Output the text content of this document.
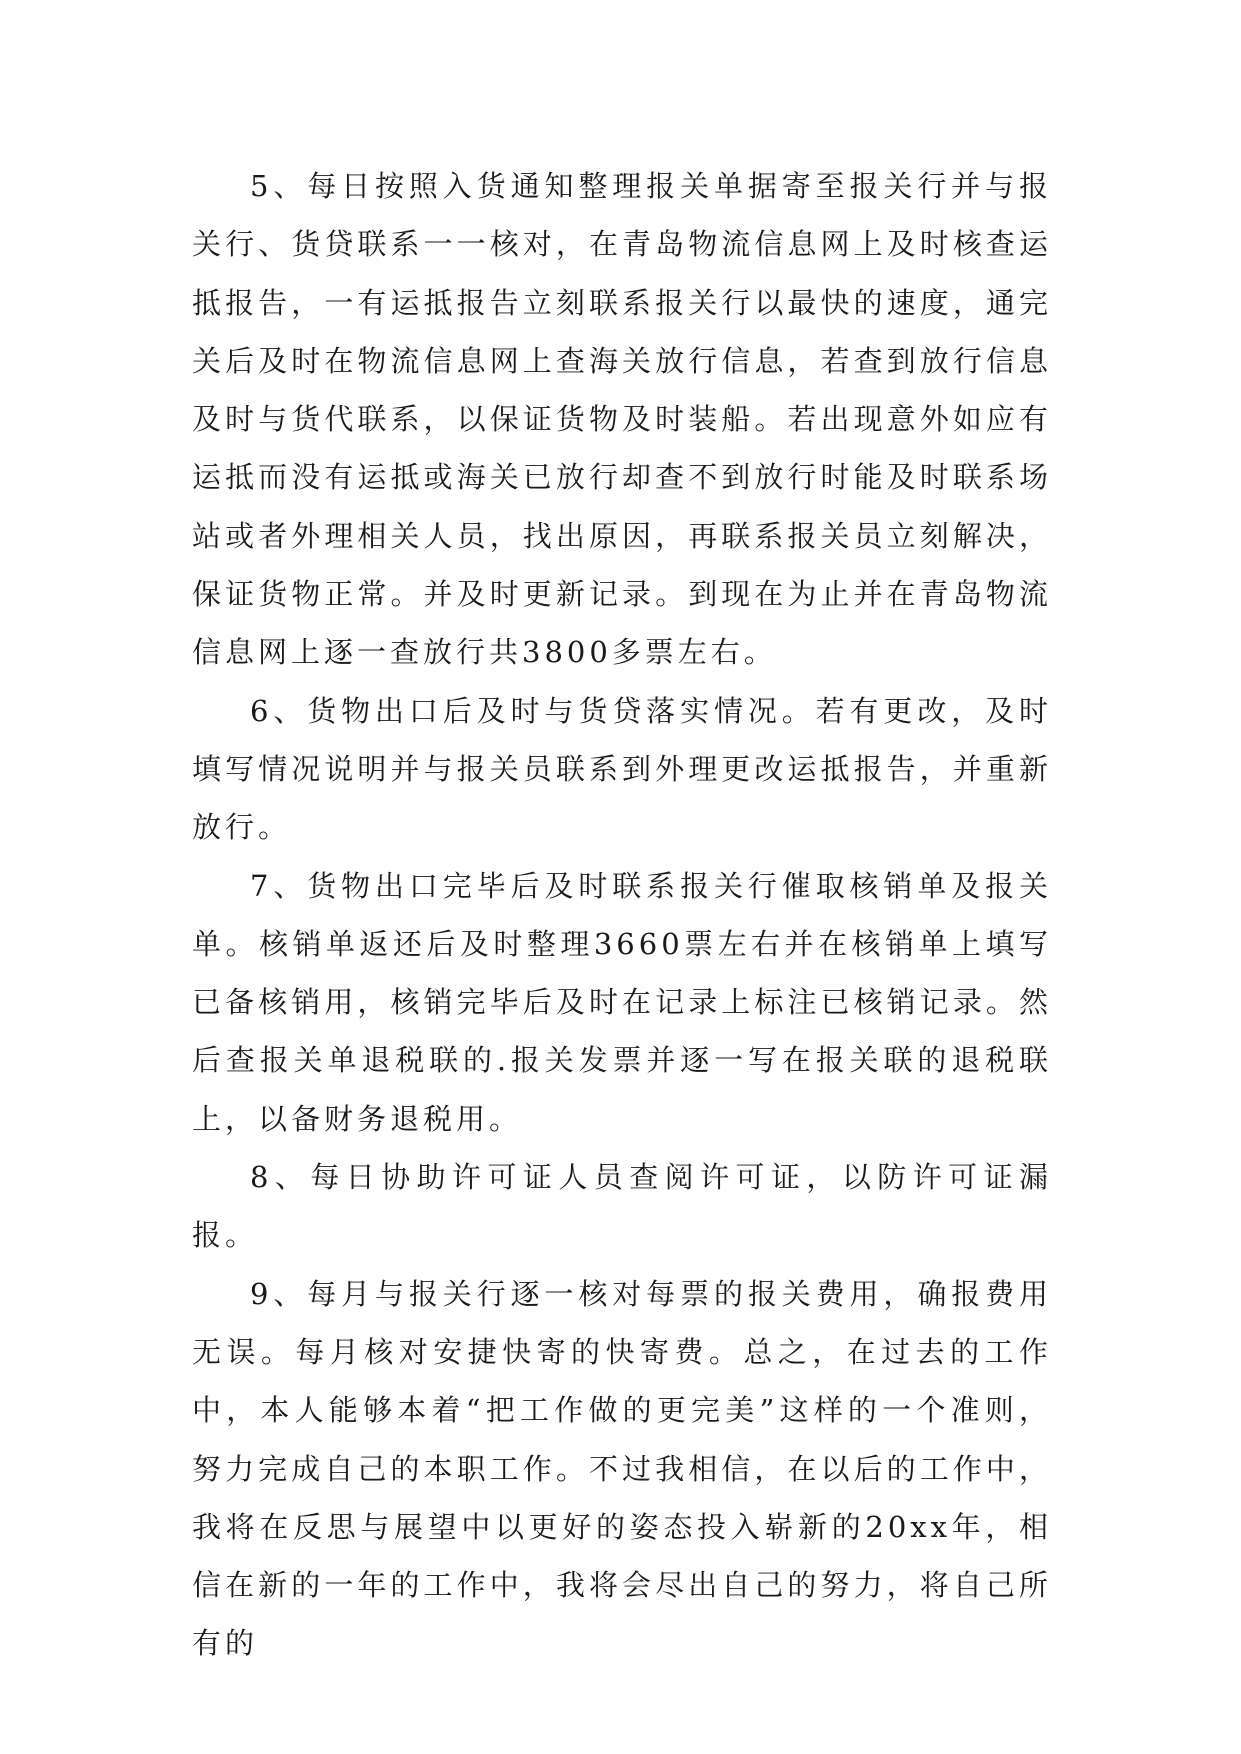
5、每日按照入货通知整理报关单据寄至报关行并与报关行、货贷联系一一核对，在青岛物流信息网上及时核查运抵报告，一有运抵报告立刻联系报关行以最快的速度，通完关后及时在物流信息网上查海关放行信息，若查到放行信息及时与货代联系，以保证货物及时装船。若出现意外如应有运抵而没有运抵或海关已放行却查不到放行时能及时联系场站或者外理相关人员，找出原因，再联系报关员立刻解决，保证货物正常。并及时更新记录。到现在为止并在青岛物流信息网上逐一查放行共3800多票左右。

6、货物出口后及时与货贷落实情况。若有更改，及时填写情况说明并与报关员联系到外理更改运抵报告，并重新放行。

7、货物出口完毕后及时联系报关行催取核销单及报关单。核销单返还后及时整理3660票左右并在核销单上填写已备核销用，核销完毕后及时在记录上标注已核销记录。然后查报关单退税联的.报关发票并逐一写在报关联的退税联上，以备财务退税用。

8、每日协助许可证人员查阅许可证，以防许可证漏报。

9、每月与报关行逐一核对每票的报关费用，确报费用无误。每月核对安捷快寄的快寄费。总之，在过去的工作中，本人能够本着“把工作做的更完美”这样的一个准则，努力完成自己的本职工作。不过我相信，在以后的工作中，我将在反思与展望中以更好的姿态投入崭新的20xx年，相信在新的一年的工作中，我将会尽出自己的努力，将自己所有的
